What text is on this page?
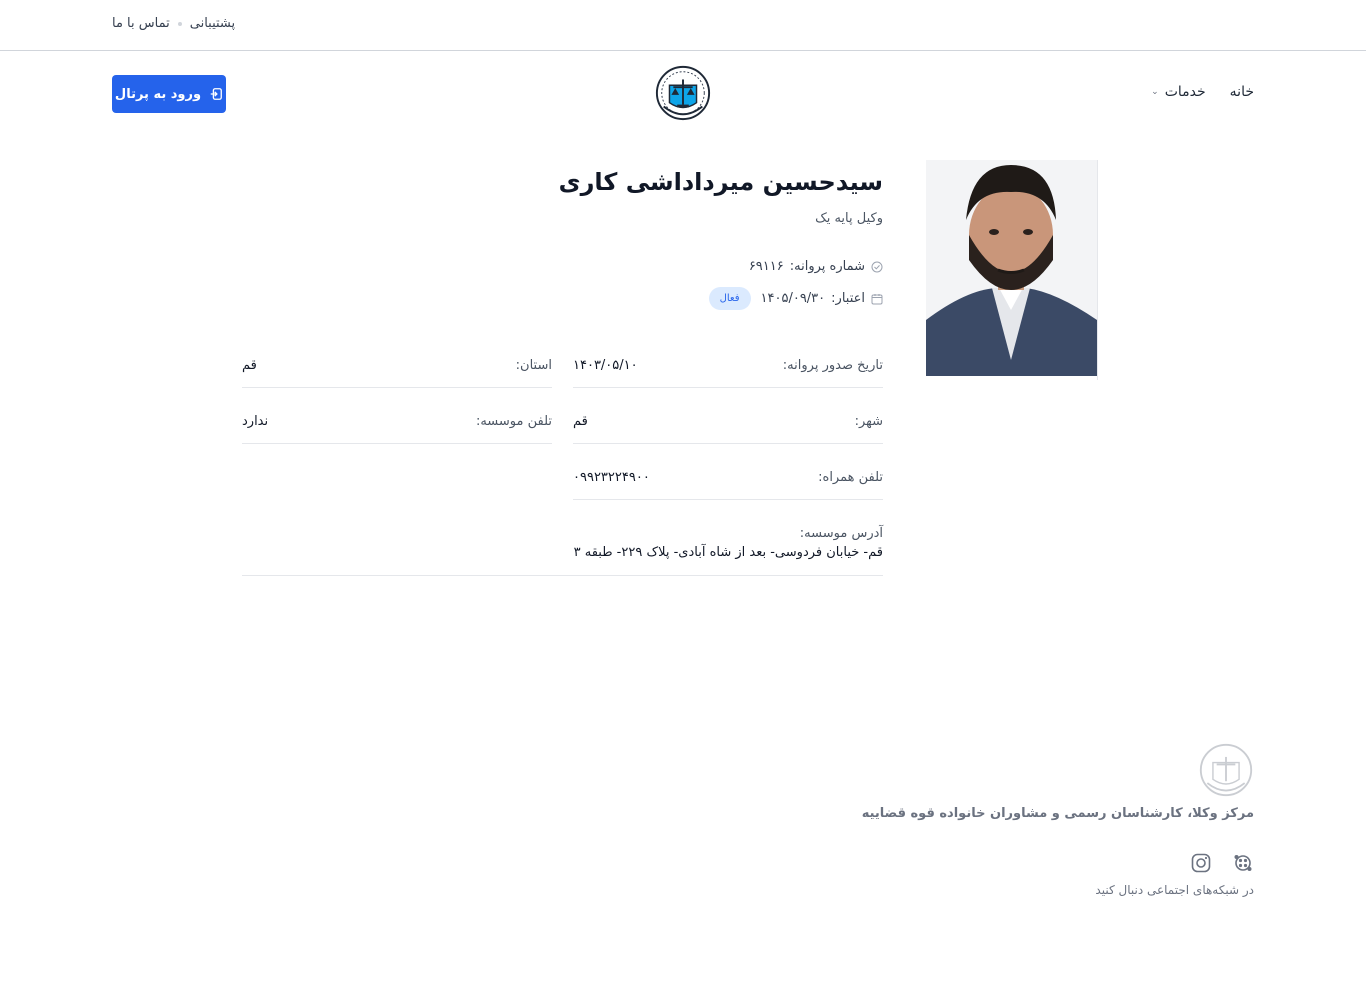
پشتیبانی
تماس با ما
خانه
خدمات
⌄
ورود به پرتال
سیدحسین میرداداشی کاری
وکیل پایه یک
شماره پروانه:
۶۹۱۱۶
اعتبار:
۱۴۰۵/۰۹/۳۰
فعال
تاریخ صدور پروانه:
۱۴۰۳/۰۵/۱۰
استان:
قم
شهر:
قم
تلفن موسسه:
ندارد
تلفن همراه:
۰۹۹۲۳۲۲۴۹۰۰
آدرس موسسه:
قم- خیابان فردوسی- بعد از شاه آبادی- پلاک ۲۲۹- طبقه ۳
مرکز وکلا، کارشناسان رسمی و مشاوران خانواده قوه قضاییه
در شبکه‌های اجتماعی دنبال کنید
